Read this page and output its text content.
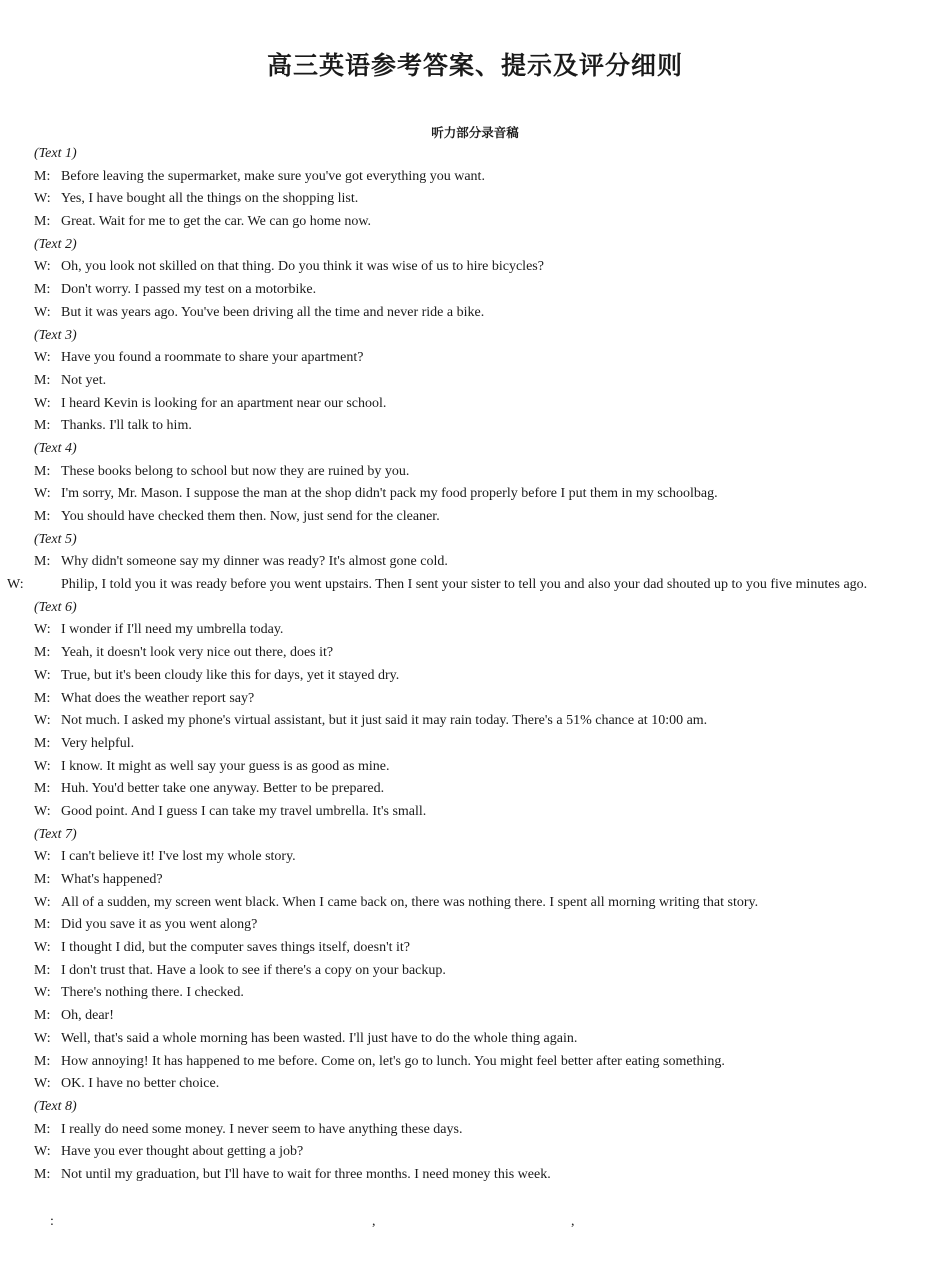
高三英语参考答案、提示及评分细则
听力部分录音稿
(Text 1)
M: Before leaving the supermarket, make sure you've got everything you want.
W: Yes, I have bought all the things on the shopping list.
M: Great. Wait for me to get the car. We can go home now.
(Text 2)
W: Oh, you look not skilled on that thing. Do you think it was wise of us to hire bicycles?
M: Don't worry. I passed my test on a motorbike.
W: But it was years ago. You've been driving all the time and never ride a bike.
(Text 3)
W: Have you found a roommate to share your apartment?
M: Not yet.
W: I heard Kevin is looking for an apartment near our school.
M: Thanks. I'll talk to him.
(Text 4)
M: These books belong to school but now they are ruined by you.
W: I'm sorry, Mr. Mason. I suppose the man at the shop didn't pack my food properly before I put them in my schoolbag.
M: You should have checked them then. Now, just send for the cleaner.
(Text 5)
M: Why didn't someone say my dinner was ready? It's almost gone cold.
W:	Philip, I told you it was ready before you went upstairs. Then I sent your sister to tell you and also your dad shouted up to you five minutes ago.
(Text 6)
W: I wonder if I'll need my umbrella today.
M: Yeah, it doesn't look very nice out there, does it?
W: True, but it's been cloudy like this for days, yet it stayed dry.
M: What does the weather report say?
W: Not much. I asked my phone's virtual assistant, but it just said it may rain today. There's a 51% chance at 10:00 am.
M: Very helpful.
W: I know. It might as well say your guess is as good as mine.
M: Huh. You'd better take one anyway. Better to be prepared.
W: Good point. And I guess I can take my travel umbrella. It's small.
(Text 7)
W: I can't believe it! I've lost my whole story.
M: What's happened?
W: All of a sudden, my screen went black. When I came back on, there was nothing there. I spent all morning writing that story.
M: Did you save it as you went along?
W: I thought I did, but the computer saves things itself, doesn't it?
M: I don't trust that. Have a look to see if there's a copy on your backup.
W: There's nothing there. I checked.
M: Oh, dear!
W: Well, that's said a whole morning has been wasted. I'll just have to do the whole thing again.
M: How annoying! It has happened to me before. Come on, let's go to lunch. You might feel better after eating something.
W: OK. I have no better choice.
(Text 8)
M: I really do need some money. I never seem to have anything these days.
W: Have you ever thought about getting a job?
M: Not until my graduation, but I'll have to wait for three months. I need money this week.
:	,	,
